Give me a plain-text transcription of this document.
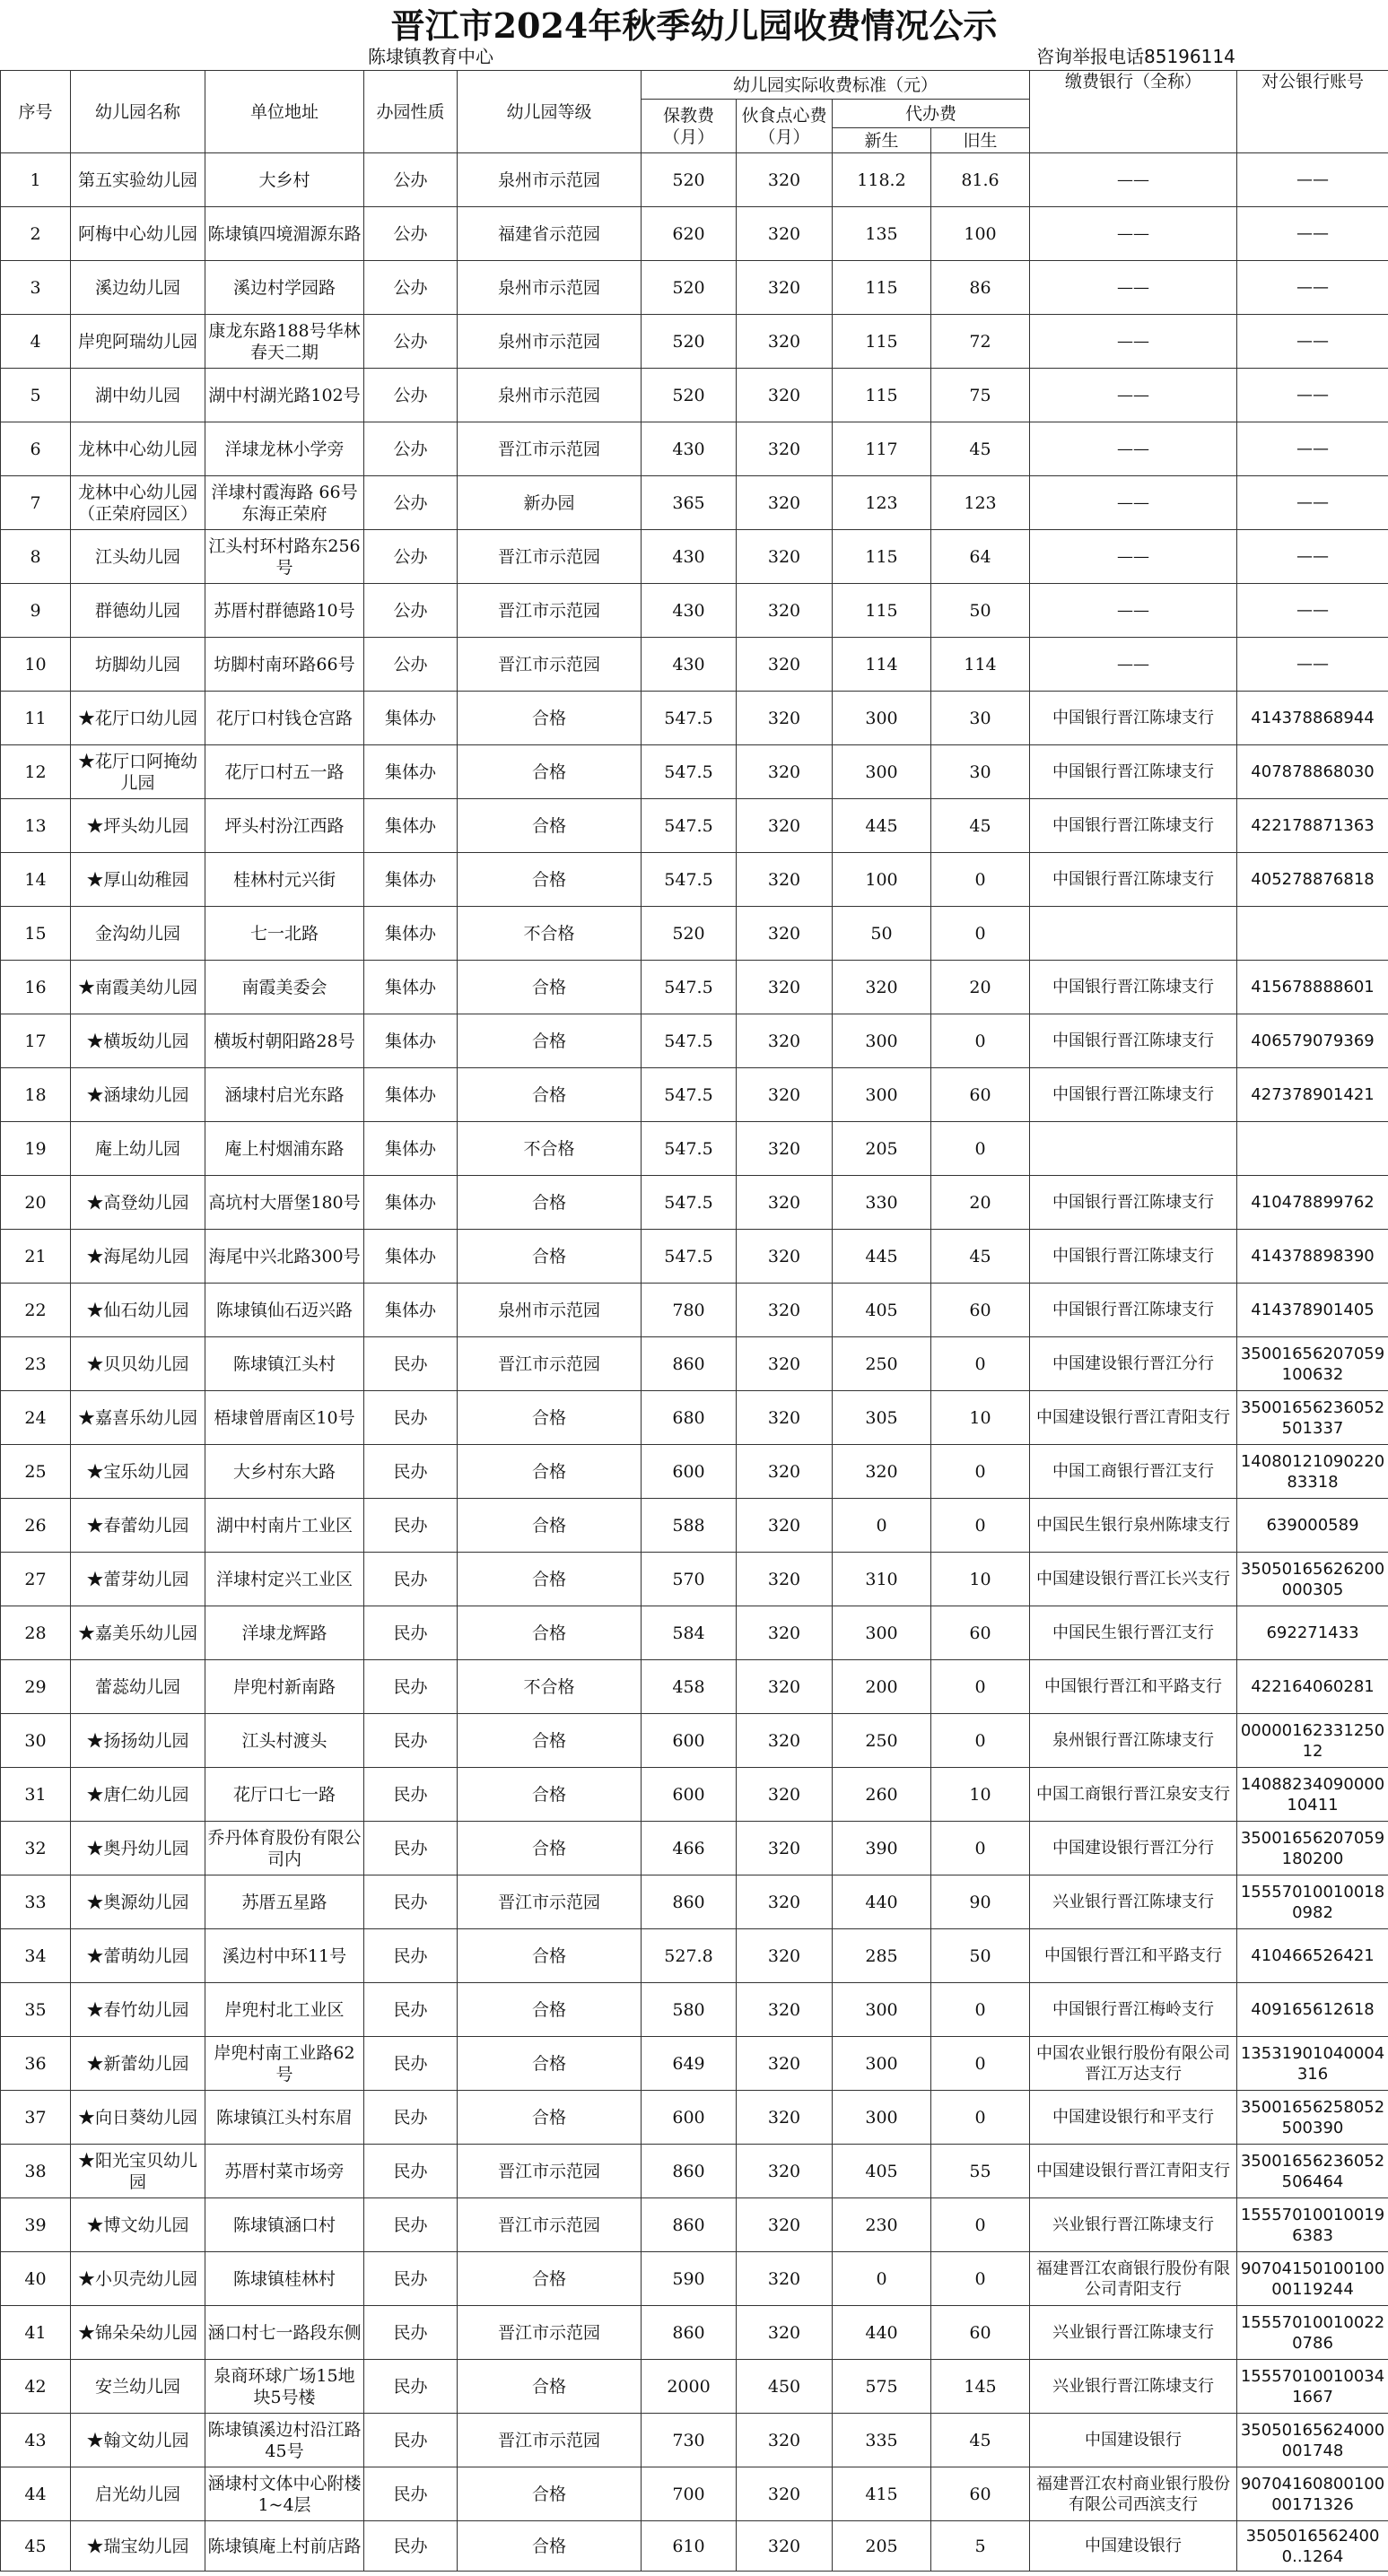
晋江市2024年秋季幼儿园收费情况公示
陈埭镇教育中心	咨询举报电话85196114
序号	幼儿园名称	单位地址	办园性质	幼儿园等级	幼儿园实际收费标准（元）				缴费银行（全称）	对公银行账号
					保教费（月）	伙食点心费（月）	代办费			
							新生	旧生		
1	第五实验幼儿园	大乡村	公办	泉州市示范园	520	320	118.2	81.6	——	——
2	阿梅中心幼儿园	陈埭镇四境湄源东路	公办	福建省示范园	620	320	135	100	——	——
3	溪边幼儿园	溪边村学园路	公办	泉州市示范园	520	320	115	86	——	——
4	岸兜阿瑞幼儿园	康龙东路188号华林春天二期	公办	泉州市示范园	520	320	115	72	——	——
5	湖中幼儿园	湖中村湖光路102号	公办	泉州市示范园	520	320	115	75	——	——
6	龙林中心幼儿园	洋埭龙林小学旁	公办	晋江市示范园	430	320	117	45	——	——
7	龙林中心幼儿园（正荣府园区）	洋埭村霞海路 66号东海正荣府	公办	新办园	365	320	123	123	——	——
8	江头幼儿园	江头村环村路东256号	公办	晋江市示范园	430	320	115	64	——	——
9	群德幼儿园	苏厝村群德路10号	公办	晋江市示范园	430	320	115	50	——	——
10	坊脚幼儿园	坊脚村南环路66号	公办	晋江市示范园	430	320	114	114	——	——
11	★花厅口幼儿园	花厅口村钱仓宫路	集体办	合格	547.5	320	300	30	中国银行晋江陈埭支行	414378868944
12	★花厅口阿掩幼儿园	花厅口村五一路	集体办	合格	547.5	320	300	30	中国银行晋江陈埭支行	407878868030
13	★坪头幼儿园	坪头村汾江西路	集体办	合格	547.5	320	445	45	中国银行晋江陈埭支行	422178871363
14	★厚山幼稚园	桂林村元兴街	集体办	合格	547.5	320	100	0	中国银行晋江陈埭支行	405278876818
15	金沟幼儿园	七一北路	集体办	不合格	520	320	50	0		
16	★南霞美幼儿园	南霞美委会	集体办	合格	547.5	320	320	20	中国银行晋江陈埭支行	415678888601
17	★横坂幼儿园	横坂村朝阳路28号	集体办	合格	547.5	320	300	0	中国银行晋江陈埭支行	406579079369
18	★涵埭幼儿园	涵埭村启光东路	集体办	合格	547.5	320	300	60	中国银行晋江陈埭支行	427378901421
19	庵上幼儿园	庵上村烟浦东路	集体办	不合格	547.5	320	205	0		
20	★高登幼儿园	高坑村大厝堡180号	集体办	合格	547.5	320	330	20	中国银行晋江陈埭支行	410478899762
21	★海尾幼儿园	海尾中兴北路300号	集体办	合格	547.5	320	445	45	中国银行晋江陈埭支行	414378898390
22	★仙石幼儿园	陈埭镇仙石迈兴路	集体办	泉州市示范园	780	320	405	60	中国银行晋江陈埭支行	414378901405
23	★贝贝幼儿园	陈埭镇江头村	民办	晋江市示范园	860	320	250	0	中国建设银行晋江分行	35001656207059100632
24	★嘉喜乐幼儿园	梧埭曾厝南区10号	民办	合格	680	320	305	10	中国建设银行晋江青阳支行	35001656236052501337
25	★宝乐幼儿园	大乡村东大路	民办	合格	600	320	320	0	中国工商银行晋江支行	1408012109022083318
26	★春蕾幼儿园	湖中村南片工业区	民办	合格	588	320	0	0	中国民生银行泉州陈埭支行	639000589
27	★蕾芽幼儿园	洋埭村定兴工业区	民办	合格	570	320	310	10	中国建设银行晋江长兴支行	35050165626200000305
28	★嘉美乐幼儿园	洋埭龙辉路	民办	合格	584	320	300	60	中国民生银行晋江支行	692271433
29	蕾蕊幼儿园	岸兜村新南路	民办	不合格	458	320	200	0	中国银行晋江和平路支行	422164060281
30	★扬扬幼儿园	江头村渡头	民办	合格	600	320	250	0	泉州银行晋江陈埭支行	0000016233125012
31	★唐仁幼儿园	花厅口七一路	民办	合格	600	320	260	10	中国工商银行晋江泉安支行	1408823409000010411
32	★奥丹幼儿园	乔丹体育股份有限公司内	民办	合格	466	320	390	0	中国建设银行晋江分行	35001656207059180200
33	★奥源幼儿园	苏厝五星路	民办	晋江市示范园	860	320	440	90	兴业银行晋江陈埭支行	155570100100180982
34	★蕾萌幼儿园	溪边村中环11号	民办	合格	527.8	320	285	50	中国银行晋江和平路支行	410466526421
35	★春竹幼儿园	岸兜村北工业区	民办	合格	580	320	300	0	中国银行晋江梅岭支行	409165612618
36	★新蕾幼儿园	岸兜村南工业路62号	民办	合格	649	320	300	0	中国农业银行股份有限公司晋江万达支行	13531901040004316
37	★向日葵幼儿园	陈埭镇江头村东眉	民办	合格	600	320	300	0	中国建设银行和平支行	35001656258052500390
38	★阳光宝贝幼儿园	苏厝村菜市场旁	民办	晋江市示范园	860	320	405	55	中国建设银行晋江青阳支行	35001656236052506464
39	★博文幼儿园	陈埭镇涵口村	民办	晋江市示范园	860	320	230	0	兴业银行晋江陈埭支行	155570100100196383
40	★小贝壳幼儿园	陈埭镇桂林村	民办	合格	590	320	0	0	福建晋江农商银行股份有限公司青阳支行	9070415010010000119244
41	★锦朵朵幼儿园	涵口村七一路段东侧	民办	晋江市示范园	860	320	440	60	兴业银行晋江陈埭支行	155570100100220786
42	安兰幼儿园	泉商环球广场15地块5号楼	民办	合格	2000	450	575	145	兴业银行晋江陈埭支行	155570100100341667
43	★翰文幼儿园	陈埭镇溪边村沿江路45号	民办	晋江市示范园	730	320	335	45	中国建设银行	35050165624000001748
44	启光幼儿园	涵埭村文体中心附楼1~4层	民办	合格	700	320	415	60	福建晋江农村商业银行股份有限公司西滨支行	9070416080010000171326
45	★瑞宝幼儿园	陈埭镇庵上村前店路	民办	合格	610	320	205	5	中国建设银行	35050165624000..1264
